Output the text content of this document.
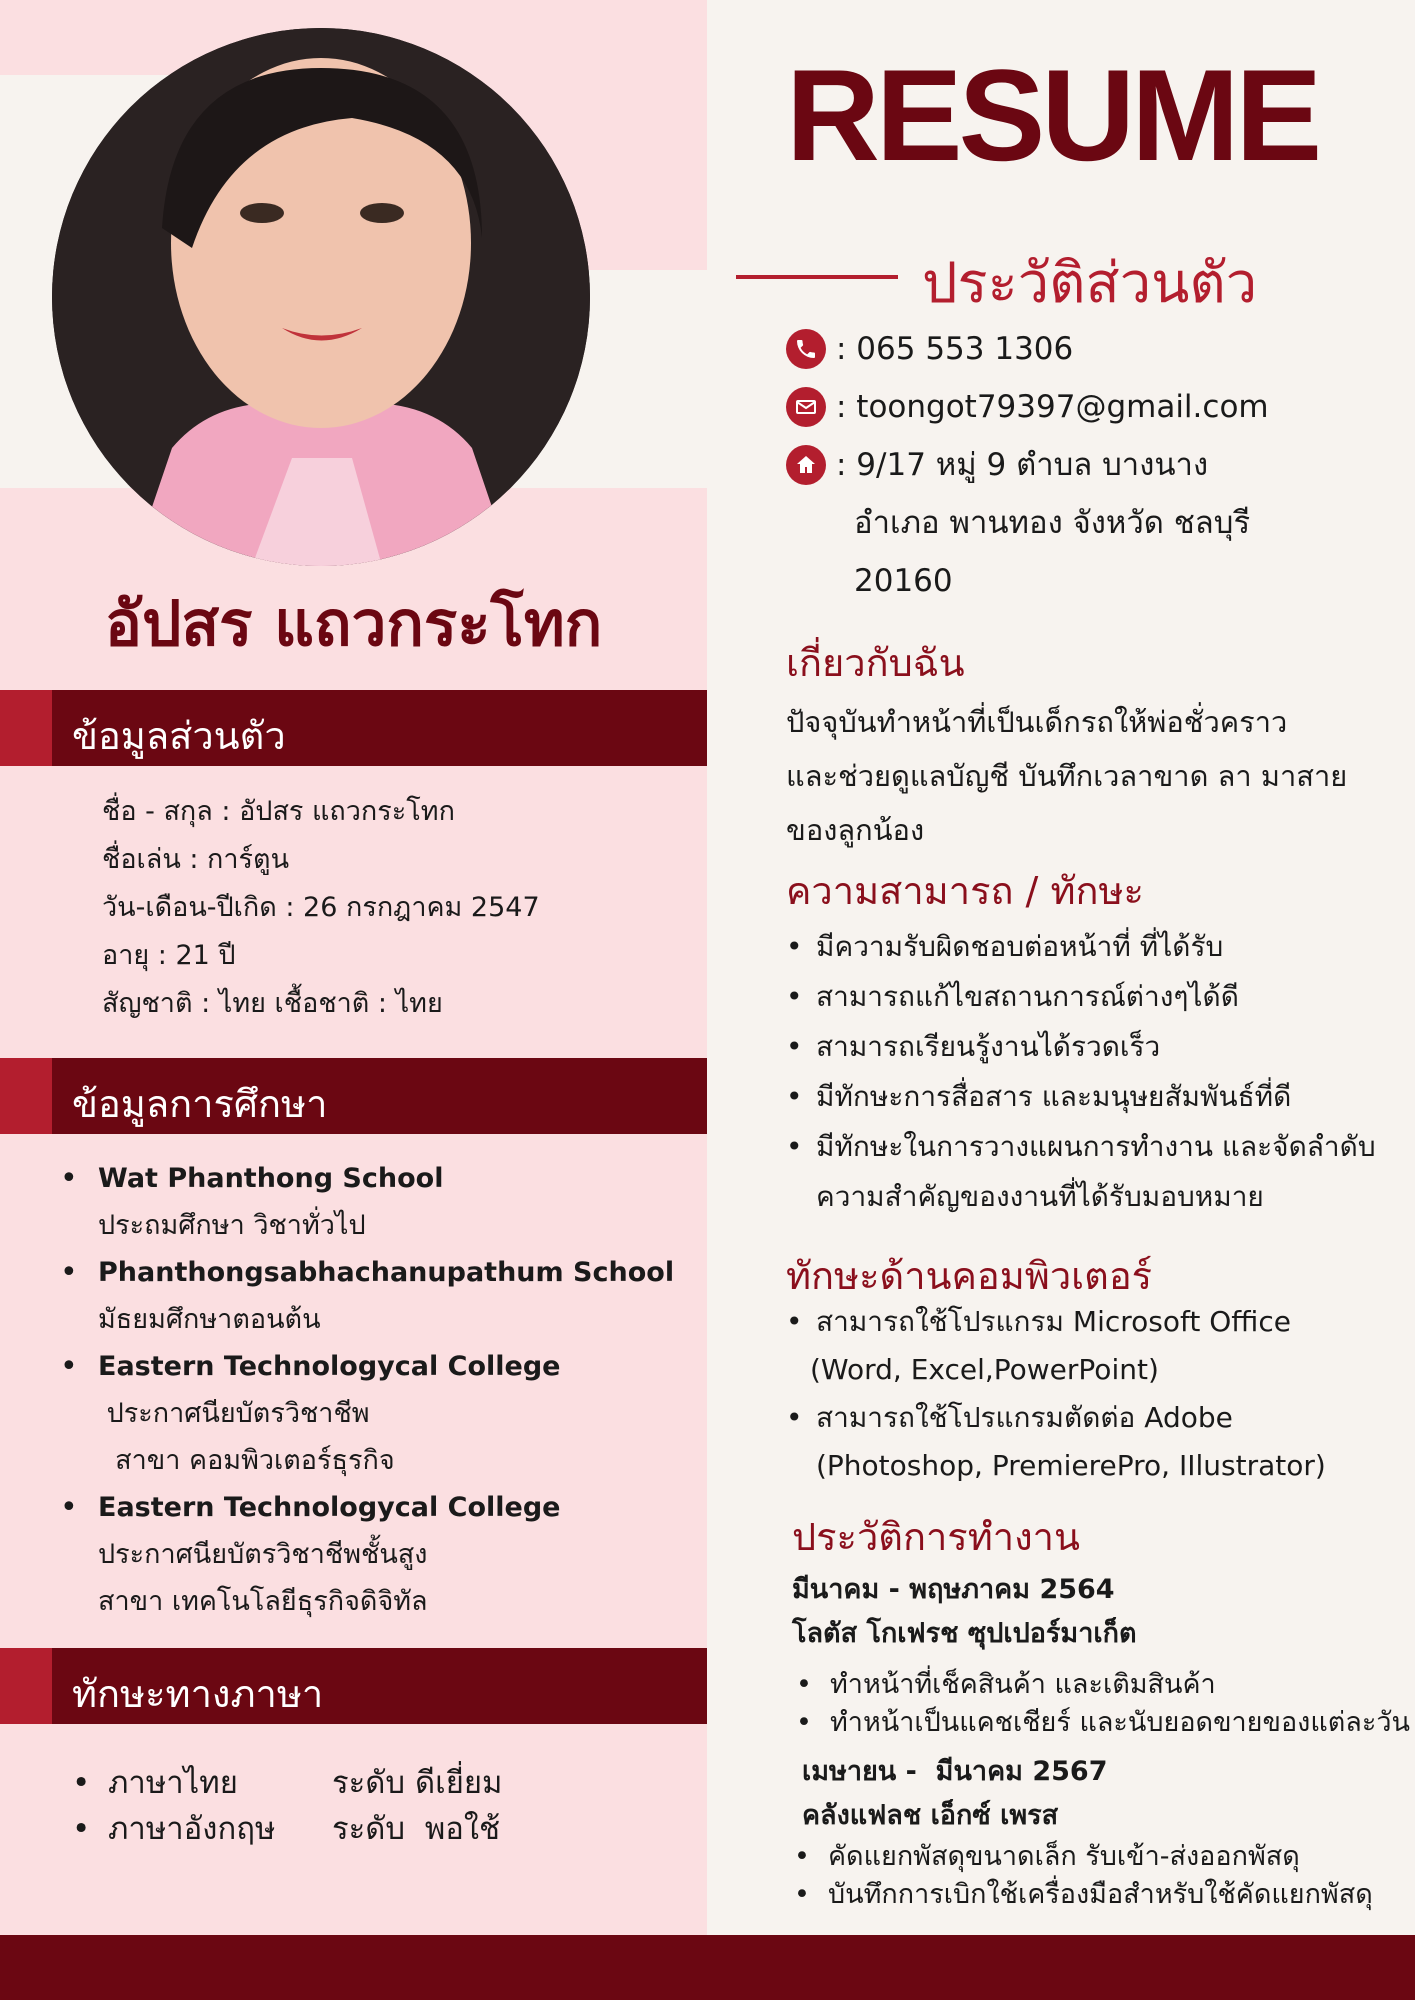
อัปสร แถวกระโทก
ข้อมูลส่วนตัว
ชื่อ - สกุล : อัปสร แถวกระโทก
ชื่อเล่น : การ์ตูน
วัน-เดือน-ปีเกิด : 26 กรกฎาคม 2547
อายุ : 21 ปี
สัญชาติ : ไทย เชื้อชาติ : ไทย
ข้อมูลการศึกษา
• Wat Phanthong School
ประถมศึกษา วิชาทั่วไป
• Phanthongsabhachanupathum School
มัธยมศึกษาตอนต้น
• Eastern Technologycal College
ประกาศนียบัตรวิชาชีพ
สาขา คอมพิวเตอร์ธุรกิจ
• Eastern Technologycal College
ประกาศนียบัตรวิชาชีพชั้นสูง
สาขา เทคโนโลยีธุรกิจดิจิทัล
ทักษะทางภาษา
• ภาษาไทย	ระดับ ดีเยี่ยม
• ภาษาอังกฤษ ระดับ  พอใช้
RESUME
ประวัติส่วนตัว
: 065 553 1306
: toongot79397@gmail.com
: 9/17 หมู่ 9 ตำบล บางนาง
อำเภอ พานทอง จังหวัด ชลบุรี
20160
เกี่ยวกับฉัน
ปัจจุบันทำหน้าที่เป็นเด็กรถให้พ่อชั่วคราว
และช่วยดูแลบัญชี บันทึกเวลาขาด ลา มาสาย
ของลูกน้อง
ความสามารถ / ทักษะ
• มีความรับผิดชอบต่อหน้าที่ ที่ได้รับ
• สามารถแก้ไขสถานการณ์ต่างๆได้ดี
• สามารถเรียนรู้งานได้รวดเร็ว
• มีทักษะการสื่อสาร และมนุษยสัมพันธ์ที่ดี
• มีทักษะในการวางแผนการทำงาน และจัดลำดับ
ความสำคัญของงานที่ได้รับมอบหมาย
ทักษะด้านคอมพิวเตอร์
• สามารถใช้โปรแกรม Microsoft Office
(Word, Excel,PowerPoint)
• สามารถใช้โปรแกรมตัดต่อ Adobe
(Photoshop, PremierePro, IIlustrator)
ประวัติการทำงาน
มีนาคม - พฤษภาคม 2564
โลตัส โกเฟรช ซุปเปอร์มาเก็ต
• ทำหน้าที่เช็คสินค้า และเติมสินค้า
• ทำหน้าเป็นแคชเชียร์ และนับยอดขายของแต่ละวัน
เมษายน -  มีนาคม 2567
คลังแฟลช เอ็กซ์ เพรส
• คัดแยกพัสดุขนาดเล็ก รับเข้า-ส่งออกพัสดุ
• บันทึกการเบิกใช้เครื่องมือสำหรับใช้คัดแยกพัสดุ
